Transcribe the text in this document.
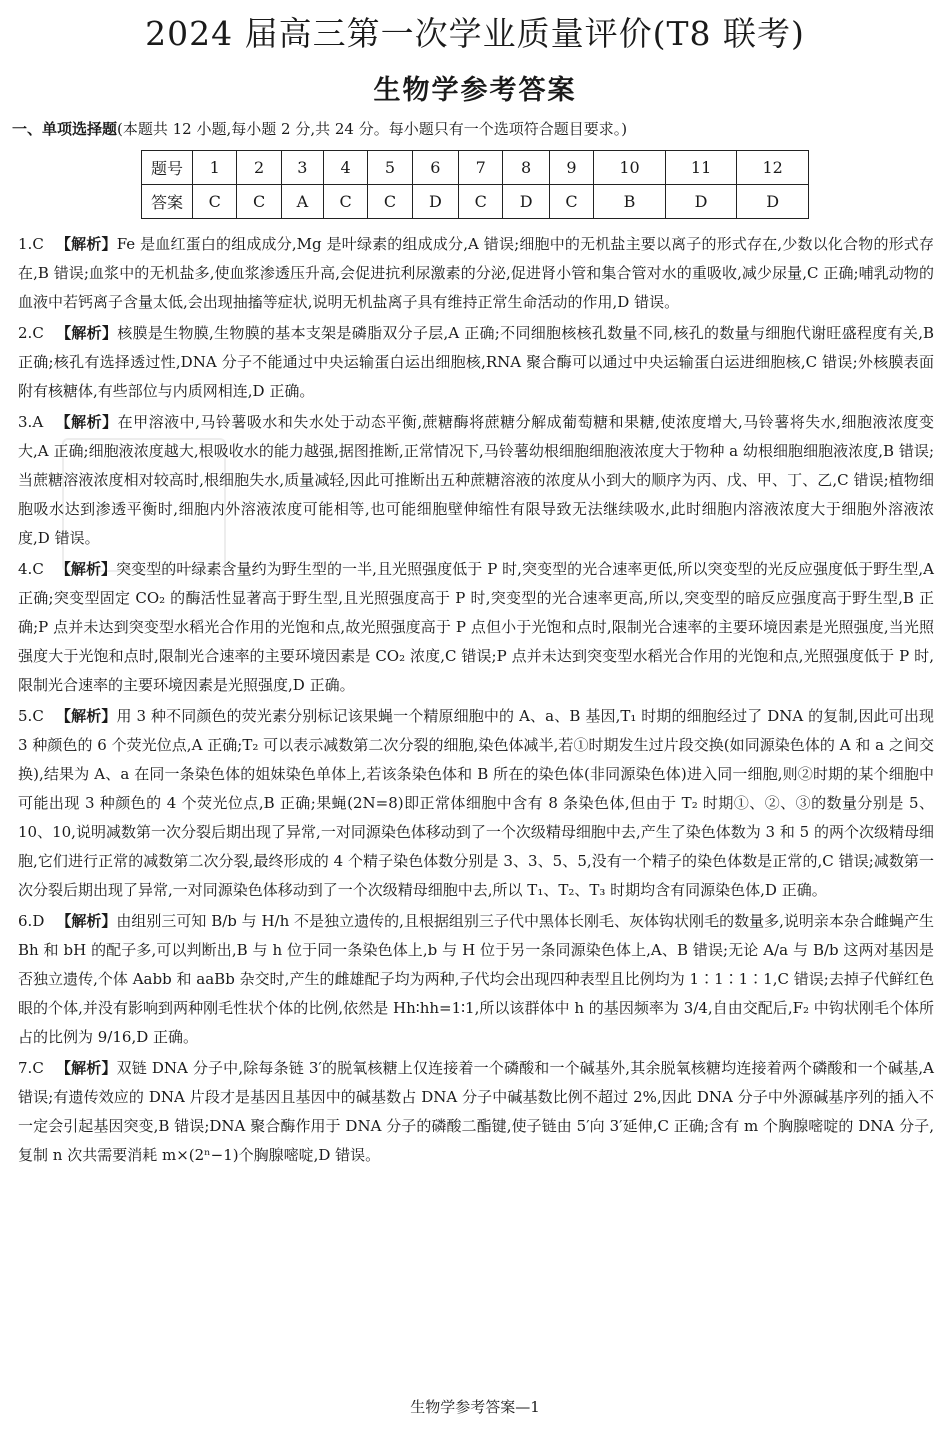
2024 届高三第一次学业质量评价(T8 联考)
生物学参考答案
一、单项选择题(本题共 12 小题,每小题 2 分,共 24 分。每小题只有一个选项符合题目要求。)
题号	1	2	3	4	5	6	7	8	9	10	11	12
答案	C	C	A	C	C	D	C	D	C	B	D	D
1.C 【解析】Fe 是血红蛋白的组成成分,Mg 是叶绿素的组成成分,A 错误;细胞中的无机盐主要以离子的形式存在,少数以化合物的形式存在,B 错误;血浆中的无机盐多,使血浆渗透压升高,会促进抗利尿激素的分泌,促进肾小管和集合管对水的重吸收,减少尿量,C 正确;哺乳动物的血液中若钙离子含量太低,会出现抽搐等症状,说明无机盐离子具有维持正常生命活动的作用,D 错误。
2.C 【解析】核膜是生物膜,生物膜的基本支架是磷脂双分子层,A 正确;不同细胞核核孔数量不同,核孔的数量与细胞代谢旺盛程度有关,B 正确;核孔有选择透过性,DNA 分子不能通过中央运输蛋白运出细胞核,RNA 聚合酶可以通过中央运输蛋白运进细胞核,C 错误;外核膜表面附有核糖体,有些部位与内质网相连,D 正确。
3.A 【解析】在甲溶液中,马铃薯吸水和失水处于动态平衡,蔗糖酶将蔗糖分解成葡萄糖和果糖,使浓度增大,马铃薯将失水,细胞液浓度变大,A 正确;细胞液浓度越大,根吸收水的能力越强,据图推断,正常情况下,马铃薯幼根细胞细胞液浓度大于物种 a 幼根细胞细胞液浓度,B 错误;当蔗糖溶液浓度相对较高时,根细胞失水,质量减轻,因此可推断出五种蔗糖溶液的浓度从小到大的顺序为丙、戊、甲、丁、乙,C 错误;植物细胞吸水达到渗透平衡时,细胞内外溶液浓度可能相等,也可能细胞壁伸缩性有限导致无法继续吸水,此时细胞内溶液浓度大于细胞外溶液浓度,D 错误。
4.C 【解析】突变型的叶绿素含量约为野生型的一半,且光照强度低于 P 时,突变型的光合速率更低,所以突变型的光反应强度低于野生型,A 正确;突变型固定 CO₂ 的酶活性显著高于野生型,且光照强度高于 P 时,突变型的光合速率更高,所以,突变型的暗反应强度高于野生型,B 正确;P 点并未达到突变型水稻光合作用的光饱和点,故光照强度高于 P 点但小于光饱和点时,限制光合速率的主要环境因素是光照强度,当光照强度大于光饱和点时,限制光合速率的主要环境因素是 CO₂ 浓度,C 错误;P 点并未达到突变型水稻光合作用的光饱和点,光照强度低于 P 时,限制光合速率的主要环境因素是光照强度,D 正确。
5.C 【解析】用 3 种不同颜色的荧光素分别标记该果蝇一个精原细胞中的 A、a、B 基因,T₁ 时期的细胞经过了 DNA 的复制,因此可出现 3 种颜色的 6 个荧光位点,A 正确;T₂ 可以表示减数第二次分裂的细胞,染色体减半,若①时期发生过片段交换(如同源染色体的 A 和 a 之间交换),结果为 A、a 在同一条染色体的姐妹染色单体上,若该条染色体和 B 所在的染色体(非同源染色体)进入同一细胞,则②时期的某个细胞中可能出现 3 种颜色的 4 个荧光位点,B 正确;果蝇(2N=8)即正常体细胞中含有 8 条染色体,但由于 T₂ 时期①、②、③的数量分别是 5、10、10,说明减数第一次分裂后期出现了异常,一对同源染色体移动到了一个次级精母细胞中去,产生了染色体数为 3 和 5 的两个次级精母细胞,它们进行正常的减数第二次分裂,最终形成的 4 个精子染色体数分别是 3、3、5、5,没有一个精子的染色体数是正常的,C 错误;减数第一次分裂后期出现了异常,一对同源染色体移动到了一个次级精母细胞中去,所以 T₁、T₂、T₃ 时期均含有同源染色体,D 正确。
6.D 【解析】由组别三可知 B/b 与 H/h 不是独立遗传的,且根据组别三子代中黑体长刚毛、灰体钩状刚毛的数量多,说明亲本杂合雌蝇产生 Bh 和 bH 的配子多,可以判断出,B 与 h 位于同一条染色体上,b 与 H 位于另一条同源染色体上,A、B 错误;无论 A/a 与 B/b 这两对基因是否独立遗传,个体 Aabb 和 aaBb 杂交时,产生的雌雄配子均为两种,子代均会出现四种表型且比例均为 1∶1∶1∶1,C 错误;去掉子代鲜红色眼的个体,并没有影响到两种刚毛性状个体的比例,依然是 Hh∶hh=1∶1,所以该群体中 h 的基因频率为 3/4,自由交配后,F₂ 中钩状刚毛个体所占的比例为 9/16,D 正确。
7.C 【解析】双链 DNA 分子中,除每条链 3′的脱氧核糖上仅连接着一个磷酸和一个碱基外,其余脱氧核糖均连接着两个磷酸和一个碱基,A 错误;有遗传效应的 DNA 片段才是基因且基因中的碱基数占 DNA 分子中碱基数比例不超过 2%,因此 DNA 分子中外源碱基序列的插入不一定会引起基因突变,B 错误;DNA 聚合酶作用于 DNA 分子的磷酸二酯键,使子链由 5′向 3′延伸,C 正确;含有 m 个胸腺嘧啶的 DNA 分子,复制 n 次共需要消耗 m×(2ⁿ−1)个胸腺嘧啶,D 错误。
生物学参考答案—1
